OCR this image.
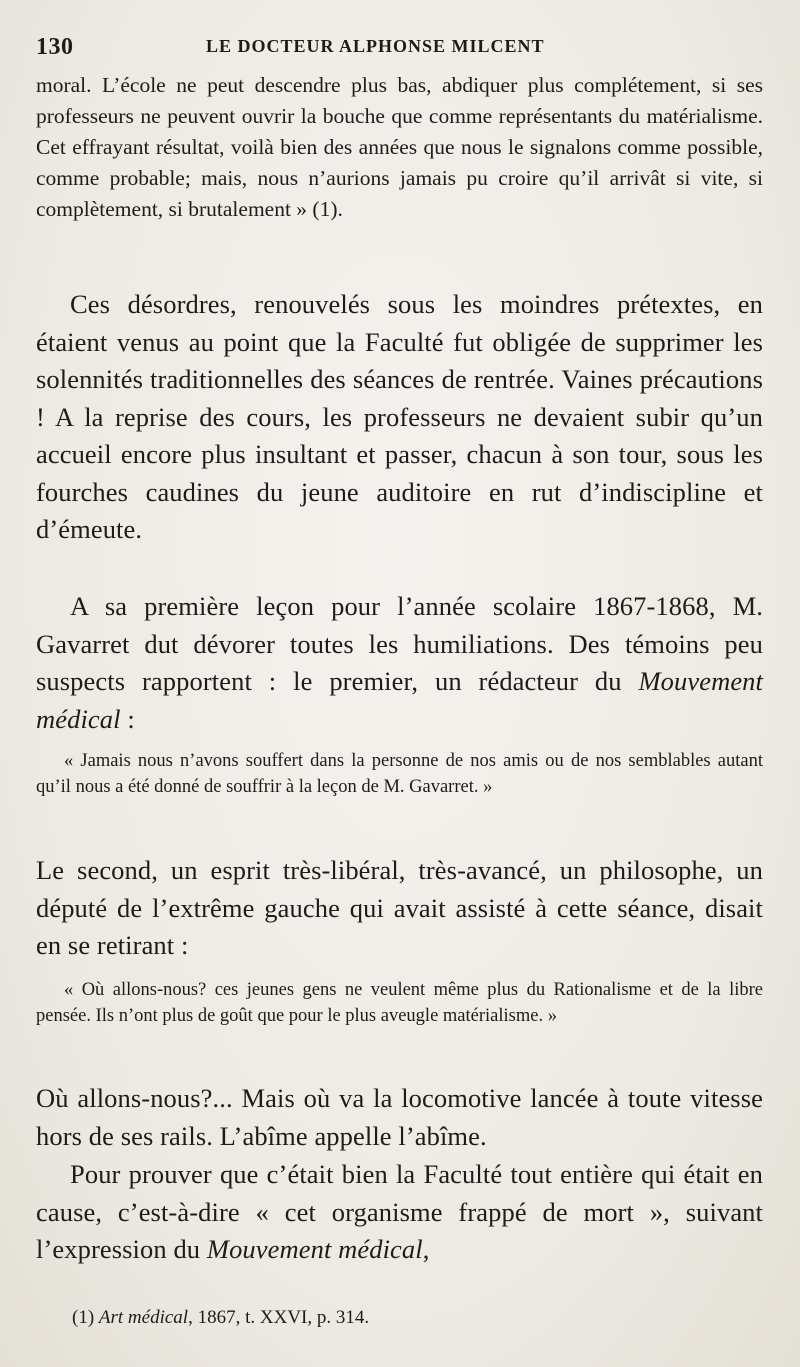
130	LE DOCTEUR ALPHONSE MILCENT

moral. L’école ne peut descendre plus bas, abdiquer plus complétement, si ses professeurs ne peuvent ouvrir la bouche que comme représentants du matérialisme. Cet effrayant résultat, voilà bien des années que nous le signalons comme possible, comme probable; mais, nous n’aurions jamais pu croire qu’il arrivât si vite, si complètement, si brutalement » (1).

Ces désordres, renouvelés sous les moindres prétextes, en étaient venus au point que la Faculté fut obligée de supprimer les solennités traditionnelles des séances de rentrée. Vaines précautions ! A la reprise des cours, les professeurs ne devaient subir qu’un accueil encore plus insultant et passer, chacun à son tour, sous les fourches caudines du jeune auditoire en rut d’indiscipline et d’émeute.

A sa première leçon pour l’année scolaire 1867-1868, M. Gavarret dut dévorer toutes les humiliations. Des témoins peu suspects rapportent : le premier, un rédacteur du Mouvement médical :

« Jamais nous n’avons souffert dans la personne de nos amis ou de nos semblables autant qu’il nous a été donné de souffrir à la leçon de M. Gavarret. »

Le second, un esprit très-libéral, très-avancé, un philosophe, un député de l’extrême gauche qui avait assisté à cette séance, disait en se retirant :

« Où allons-nous? ces jeunes gens ne veulent même plus du Rationalisme et de la libre pensée. Ils n’ont plus de goût que pour le plus aveugle matérialisme. »

Où allons-nous?... Mais où va la locomotive lancée à toute vitesse hors de ses rails. L’abîme appelle l’abîme.

Pour prouver que c’était bien la Faculté tout entière qui était en cause, c’est-à-dire « cet organisme frappé de mort », suivant l’expression du Mouvement médical,

(1) Art médical, 1867, t. XXVI, p. 314.
